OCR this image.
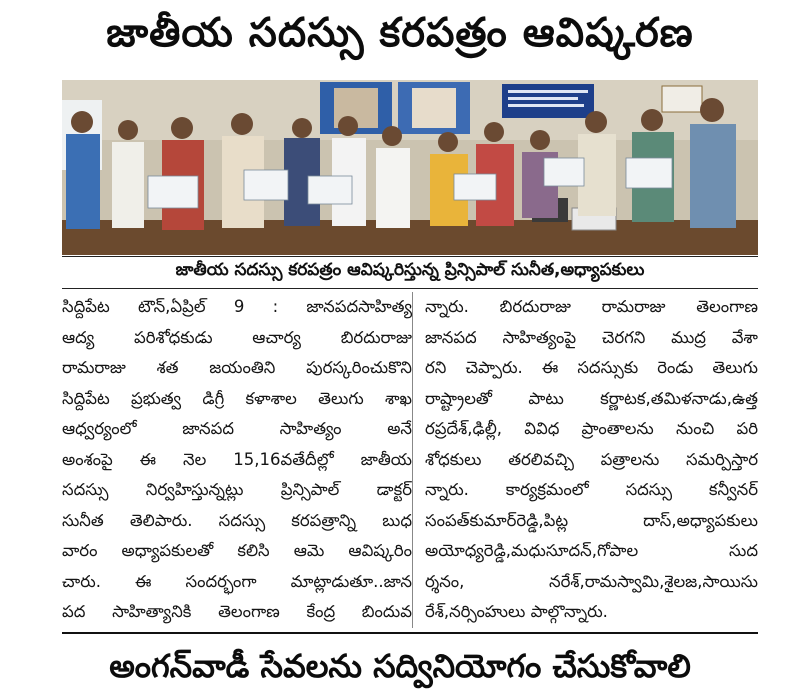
జాతీయ సదస్సు కరపత్రం ఆవిష్కరణ
జాతీయ సదస్సు కరపత్రం ఆవిష్కరిస్తున్న ప్రిన్సిపాల్ సునీత,అధ్యాపకులు
సిద్దిపేట టౌన్,ఏప్రిల్ 9 : జానపదసాహిత్య
ఆద్య పరిశోధకుడు ఆచార్య బిరదురాజు
రామరాజు శత జయంతిని పురస్కరించుకొని
సిద్దిపేట ప్రభుత్వ డిగ్రీ కళాశాల తెలుగు శాఖ
ఆధ్వర్యంలో జానపద సాహిత్యం అనే
అంశంపై ఈ నెల 15,16వతేదీల్లో జాతీయ
సదస్సు నిర్వహిస్తున్నట్లు ప్రిన్సిపాల్ డాక్టర్
సునీత తెలిపారు. సదస్సు కరపత్రాన్ని బుధ
వారం అధ్యాపకులతో కలిసి ఆమె ఆవిష్కరిం
చారు. ఈ సందర్భంగా మాట్లాడుతూ..జాన
పద సాహిత్యానికి తెలంగాణ కేంద్ర బిందువ
న్నారు. బిరదురాజు రామరాజు తెలంగాణ
జానపద సాహిత్యంపై చెరగని ముద్ర వేశా
రని చెప్పారు. ఈ సదస్సుకు రెండు తెలుగు
రాష్ట్రాలతో పాటు కర్ణాటక,తమిళనాడు,ఉత్త
రప్రదేశ్,ఢిల్లీ, వివిధ ప్రాంతాలను నుంచి పరి
శోధకులు తరలివచ్చి పత్రాలను సమర్పిస్తార
న్నారు. కార్యక్రమంలో సదస్సు కన్వీనర్
సంపత్‌కుమార్‌రెడ్డి,పిట్ల దాస్,అధ్యాపకులు
అయోధ్యరెడ్డి,మధుసూదన్,గోపాల సుద
ర్శనం, నరేశ్,రామస్వామి,శైలజ,సాయిసు
రేశ్,నర్సింహులు పాల్గొన్నారు.
అంగన్‌వాడీ సేవలను సద్వినియోగం చేసుకోవాలి
